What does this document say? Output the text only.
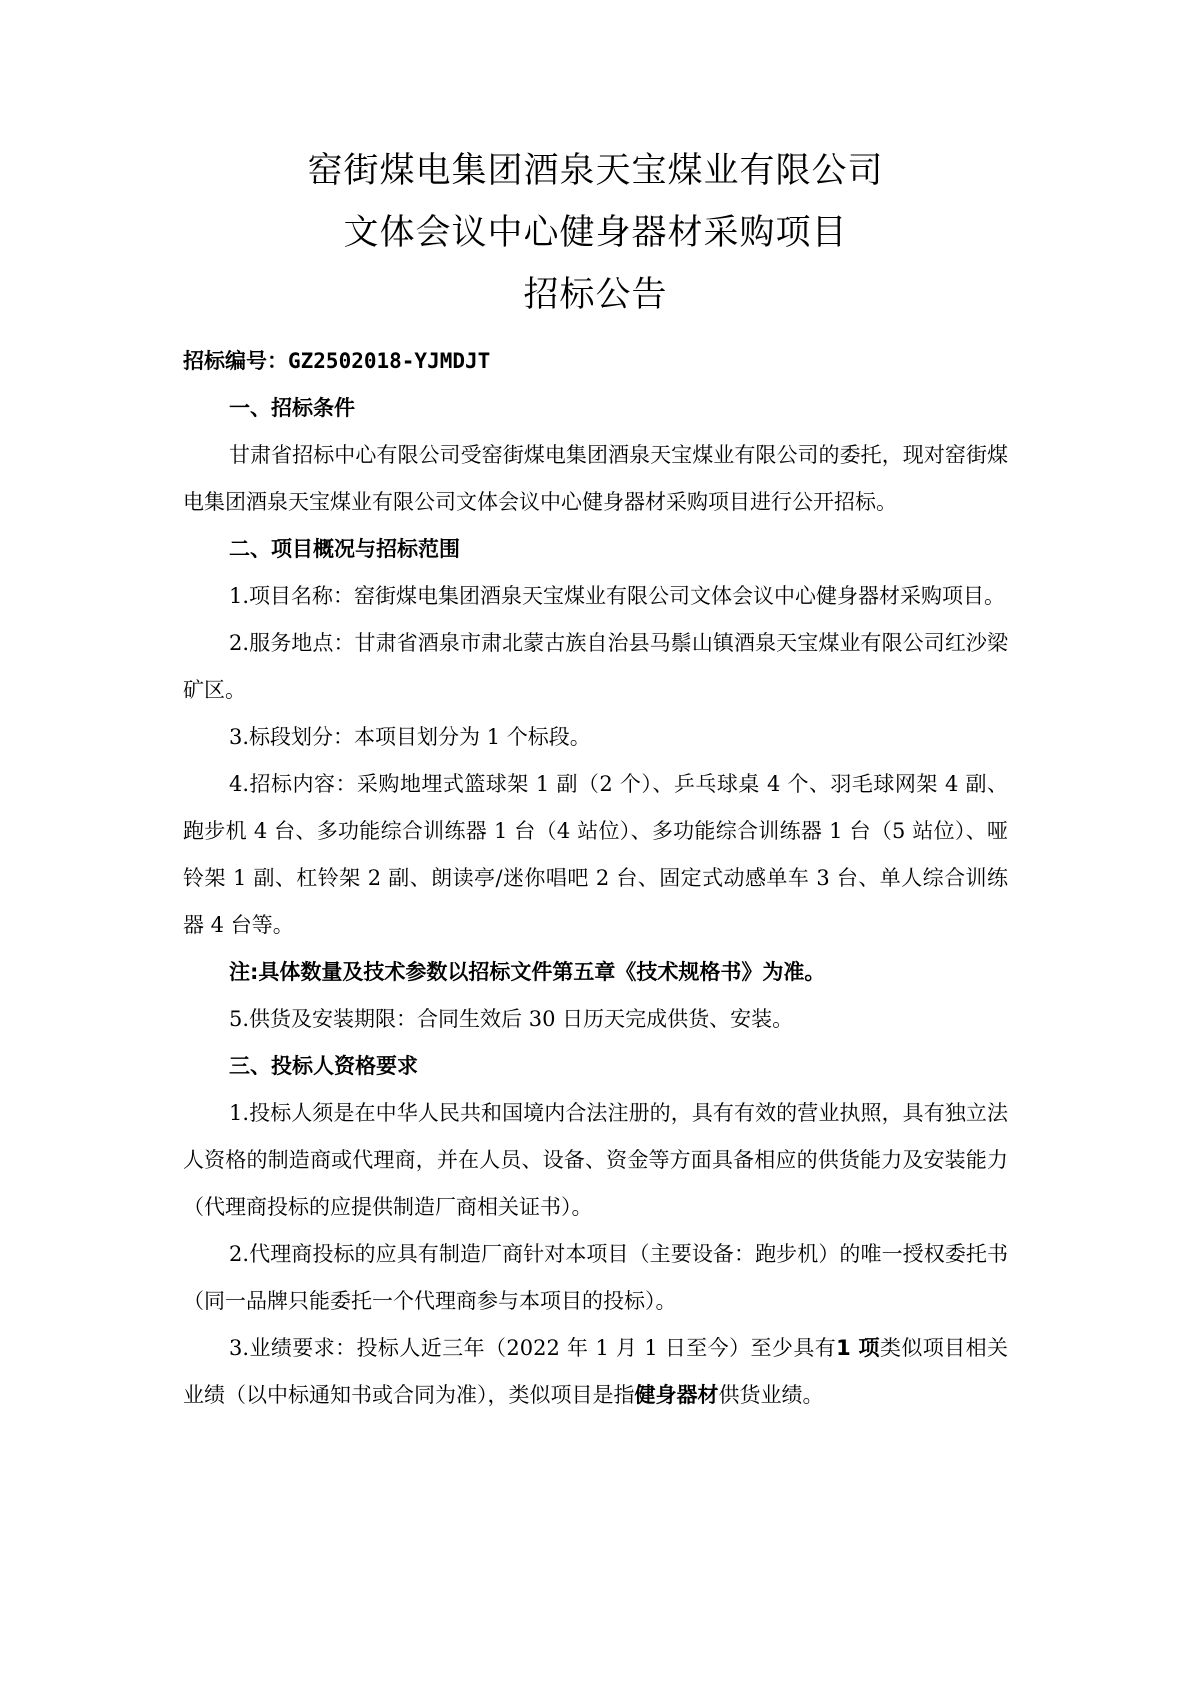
窑街煤电集团酒泉天宝煤业有限公司
文体会议中心健身器材采购项目
招标公告
招标编号：GZ2502018-YJMDJT
一、招标条件

甘肃省招标中心有限公司受窑街煤电集团酒泉天宝煤业有限公司的委托，现对窑街煤电集团酒泉天宝煤业有限公司文体会议中心健身器材采购项目进行公开招标。

二、项目概况与招标范围

1.项目名称：窑街煤电集团酒泉天宝煤业有限公司文体会议中心健身器材采购项目。

2.服务地点：甘肃省酒泉市肃北蒙古族自治县马鬃山镇酒泉天宝煤业有限公司红沙梁矿区。

3.标段划分：本项目划分为 1 个标段。

4.招标内容：采购地埋式篮球架 1 副（2 个）、乒乓球桌 4 个、羽毛球网架 4 副、跑步机 4 台、多功能综合训练器 1 台（4 站位）、多功能综合训练器 1 台（5 站位）、哑铃架 1 副、杠铃架 2 副、朗读亭/迷你唱吧 2 台、固定式动感单车 3 台、单人综合训练器 4 台等。

注:具体数量及技术参数以招标文件第五章《技术规格书》为准。

5.供货及安装期限：合同生效后 30 日历天完成供货、安装。

三、投标人资格要求

1.投标人须是在中华人民共和国境内合法注册的，具有有效的营业执照，具有独立法人资格的制造商或代理商，并在人员、设备、资金等方面具备相应的供货能力及安装能力（代理商投标的应提供制造厂商相关证书）。

2.代理商投标的应具有制造厂商针对本项目（主要设备：跑步机）的唯一授权委托书（同一品牌只能委托一个代理商参与本项目的投标）。

3.业绩要求：投标人近三年（2022 年 1 月 1 日至今）至少具有1 项类似项目相关业绩（以中标通知书或合同为准），类似项目是指健身器材供货业绩。
